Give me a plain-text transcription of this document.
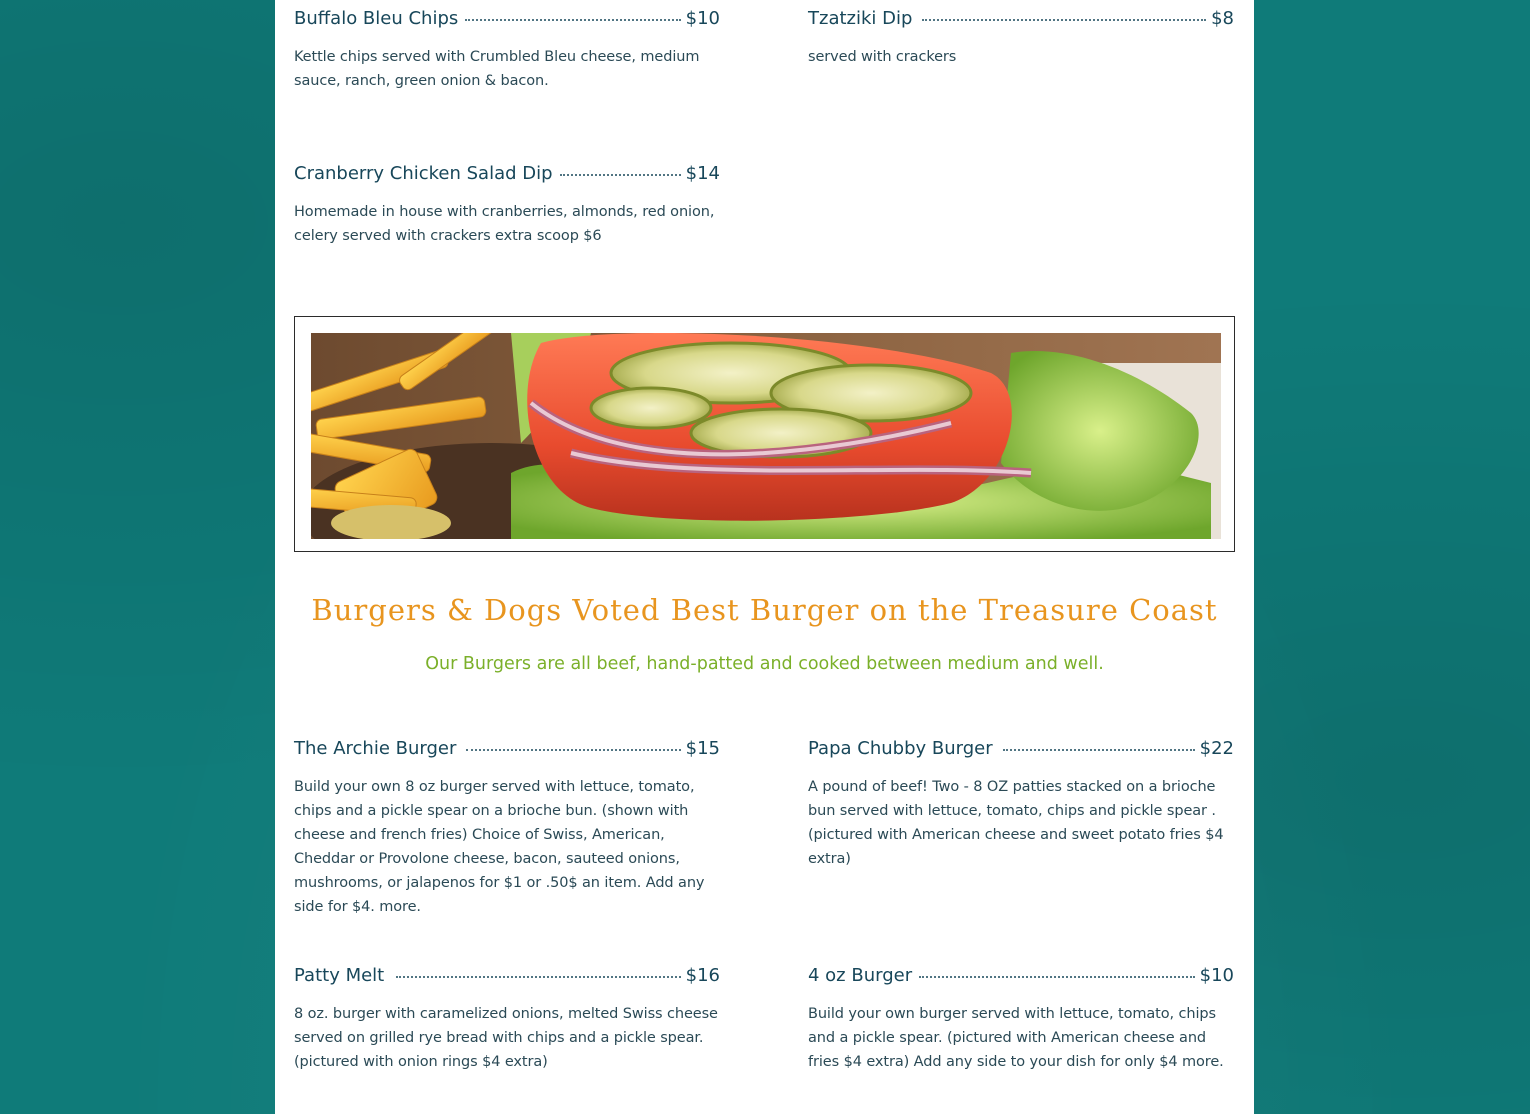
Buffalo Bleu Chips	$10
Kettle chips served with Crumbled Bleu cheese, medium sauce, ranch, green onion & bacon.
Tzatziki Dip	$8
served with crackers
Cranberry Chicken Salad Dip	$14
Homemade in house with cranberries, almonds, red onion, celery served with crackers extra scoop $6
Burgers & Dogs Voted Best Burger on the Treasure Coast
Our Burgers are all beef, hand-patted and cooked between medium and well.
The Archie Burger	$15
Build your own 8 oz burger served with lettuce, tomato, chips and a pickle spear on a brioche bun. (shown with cheese and french fries) Choice of Swiss, American, Cheddar or Provolone cheese, bacon, sauteed onions, mushrooms, or jalapenos for $1 or .50$ an item. Add any side for $4. more.
Papa Chubby Burger	$22
A pound of beef! Two - 8 OZ patties stacked on a brioche bun served with lettuce, tomato, chips and pickle spear . (pictured with American cheese and sweet potato fries $4 extra)
Patty Melt	$16
8 oz. burger with caramelized onions, melted Swiss cheese served on grilled rye bread with chips and a pickle spear. (pictured with onion rings $4 extra)
4 oz Burger	$10
Build your own burger served with lettuce, tomato, chips and a pickle spear. (pictured with American cheese and fries $4 extra) Add any side to your dish for only $4 more.
